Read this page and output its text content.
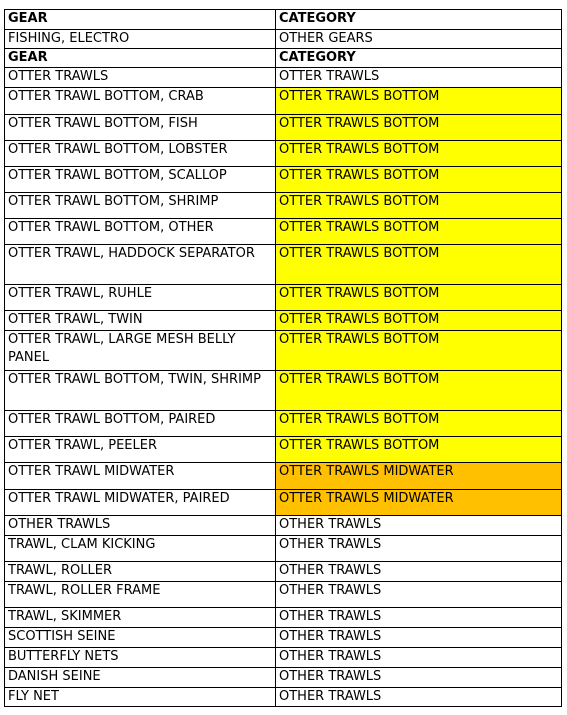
GEAR	CATEGORY
FISHING, ELECTRO	OTHER GEARS
GEAR	CATEGORY
OTTER TRAWLS	OTTER TRAWLS
OTTER TRAWL BOTTOM, CRAB	OTTER TRAWLS BOTTOM
OTTER TRAWL BOTTOM, FISH	OTTER TRAWLS BOTTOM
OTTER TRAWL BOTTOM, LOBSTER	OTTER TRAWLS BOTTOM
OTTER TRAWL BOTTOM, SCALLOP	OTTER TRAWLS BOTTOM
OTTER TRAWL BOTTOM, SHRIMP	OTTER TRAWLS BOTTOM
OTTER TRAWL BOTTOM, OTHER	OTTER TRAWLS BOTTOM
OTTER TRAWL, HADDOCK SEPARATOR	OTTER TRAWLS BOTTOM
OTTER TRAWL, RUHLE	OTTER TRAWLS BOTTOM
OTTER TRAWL, TWIN	OTTER TRAWLS BOTTOM
OTTER TRAWL, LARGE MESH BELLY PANEL	OTTER TRAWLS BOTTOM
OTTER TRAWL BOTTOM, TWIN, SHRIMP	OTTER TRAWLS BOTTOM
OTTER TRAWL BOTTOM, PAIRED	OTTER TRAWLS BOTTOM
OTTER TRAWL, PEELER	OTTER TRAWLS BOTTOM
OTTER TRAWL MIDWATER	OTTER TRAWLS MIDWATER
OTTER TRAWL MIDWATER, PAIRED	OTTER TRAWLS MIDWATER
OTHER TRAWLS	OTHER TRAWLS
TRAWL, CLAM KICKING	OTHER TRAWLS
TRAWL, ROLLER	OTHER TRAWLS
TRAWL, ROLLER FRAME	OTHER TRAWLS
TRAWL, SKIMMER	OTHER TRAWLS
SCOTTISH SEINE	OTHER TRAWLS
BUTTERFLY NETS	OTHER TRAWLS
DANISH SEINE	OTHER TRAWLS
FLY NET	OTHER TRAWLS
